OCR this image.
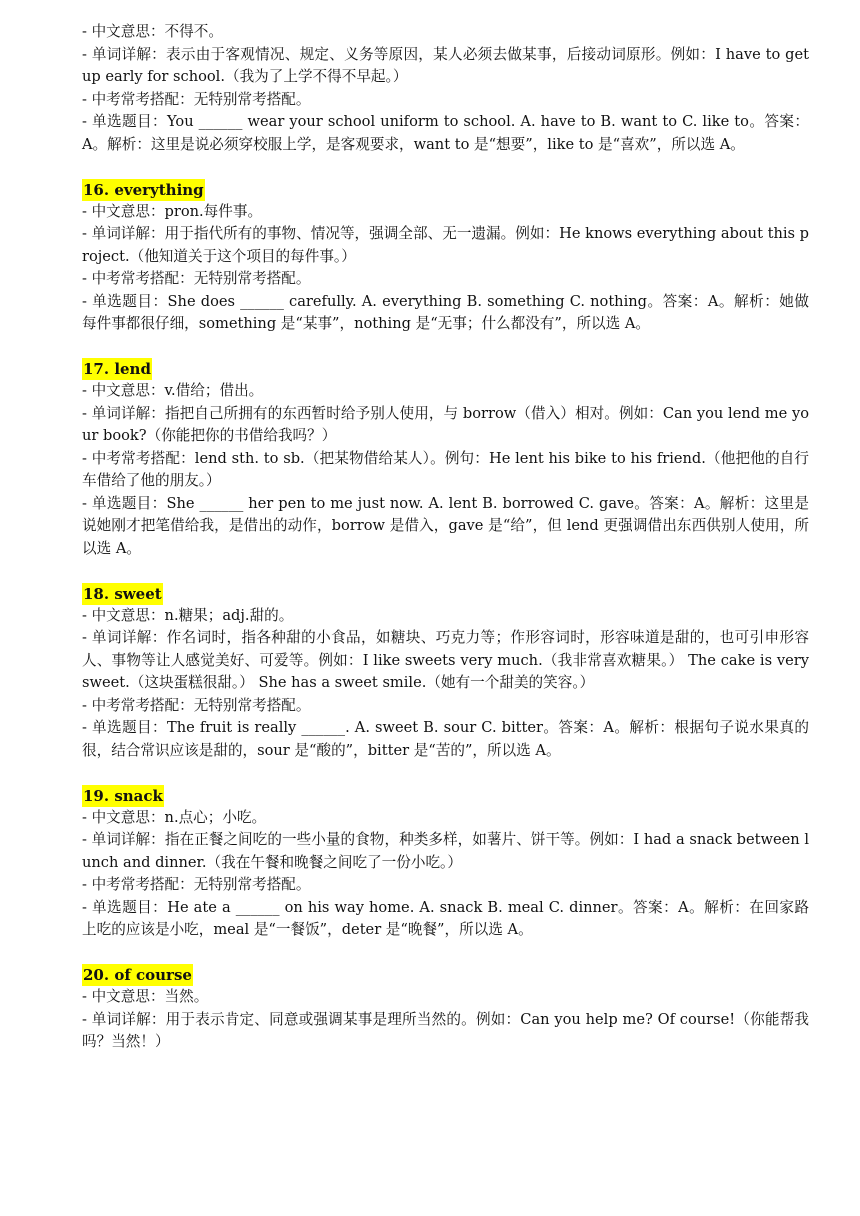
- 中文意思：不得不。

- 单词详解：表示由于客观情况、规定、义务等原因，某人必须去做某事，后接动词原形。例如：I have to get up early for school.（我为了上学不得不早起。）

- 中考常考搭配：无特别常考搭配。

- 单选题目：You ______ wear your school uniform to school. A. have to B. want to C. like to。答案：A。解析：这里是说必须穿校服上学，是客观要求，want to 是“想要”，like to 是“喜欢”，所以选 A。

16. everything

- 中文意思：pron.每件事。

- 单词详解：用于指代所有的事物、情况等，强调全部、无一遗漏。例如：He knows everything about this project.（他知道关于这个项目的每件事。）

- 中考常考搭配：无特别常考搭配。

- 单选题目：She does ______ carefully. A. everything B. something C. nothing。答案：A。解析：她做每件事都很仔细，something 是“某事”，nothing 是“无事；什么都没有”，所以选 A。

17. lend

- 中文意思：v.借给；借出。

- 单词详解：指把自己所拥有的东西暂时给予别人使用，与 borrow（借入）相对。例如：Can you lend me your book?（你能把你的书借给我吗？）

- 中考常考搭配：lend sth. to sb.（把某物借给某人）。例句：He lent his bike to his friend.（他把他的自行车借给了他的朋友。）

- 单选题目：She ______ her pen to me just now. A. lent B. borrowed C. gave。答案：A。解析：这里是说她刚才把笔借给我，是借出的动作，borrow 是借入，gave 是“给”，但 lend 更强调借出东西供别人使用，所以选 A。

18. sweet

- 中文意思：n.糖果；adj.甜的。

- 单词详解：作名词时，指各种甜的小食品，如糖块、巧克力等；作形容词时，形容味道是甜的，也可引申形容人、事物等让人感觉美好、可爱等。例如：I like sweets very much.（我非常喜欢糖果。） The cake is very sweet.（这块蛋糕很甜。） She has a sweet smile.（她有一个甜美的笑容。）

- 中考常考搭配：无特别常考搭配。

- 单选题目：The fruit is really ______. A. sweet B. sour C. bitter。答案：A。解析：根据句子说水果真的很，结合常识应该是甜的，sour 是“酸的”，bitter 是“苦的”，所以选 A。

19. snack

- 中文意思：n.点心；小吃。

- 单词详解：指在正餐之间吃的一些小量的食物，种类多样，如薯片、饼干等。例如：I had a snack between lunch and dinner.（我在午餐和晚餐之间吃了一份小吃。）

- 中考常考搭配：无特别常考搭配。

- 单选题目：He ate a ______ on his way home. A. snack B. meal C. dinner。答案：A。解析：在回家路上吃的应该是小吃，meal 是“一餐饭”，deter 是“晚餐”，所以选 A。

20. of course

- 中文意思：当然。

- 单词详解：用于表示肯定、同意或强调某事是理所当然的。例如：Can you help me? Of course!（你能帮我吗？当然！）
